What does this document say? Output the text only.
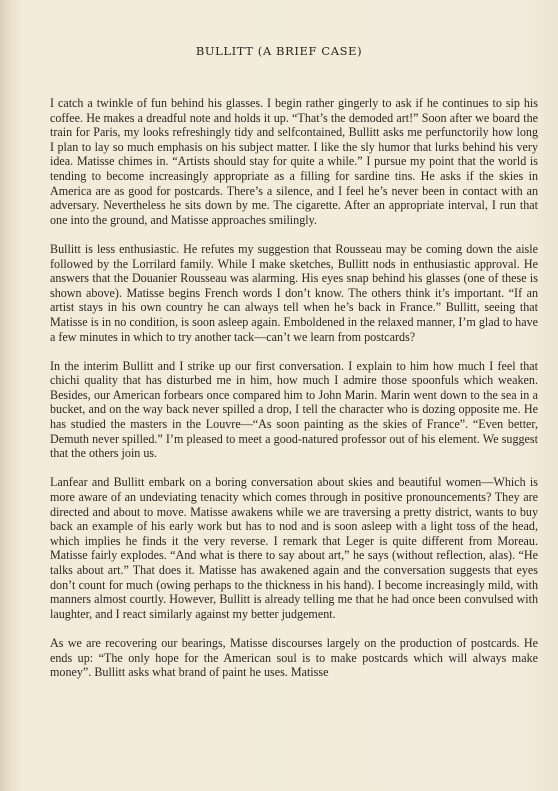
BULLITT (A BRIEF CASE)

I catch a twinkle of fun behind his glasses. I begin rather gingerly to ask if he continues to sip his coffee. He makes a dreadful note and holds it up. “That’s the demoded art!” Soon after we board the train for Paris, my looks refreshingly tidy and selfcontained, Bullitt asks me perfunctorily how long I plan to lay so much emphasis on his subject matter. I like the sly humor that lurks behind his very idea. Matisse chimes in. “Artists should stay for quite a while.” I pursue my point that the world is tending to become increasingly appropriate as a filling for sardine tins. He asks if the skies in America are as good for postcards. There’s a silence, and I feel he’s never been in contact with an adversary. Nevertheless he sits down by me. The cigarette. After an appropriate interval, I run that one into the ground, and Matisse approaches smilingly.

Bullitt is less enthusiastic. He refutes my suggestion that Rousseau may be coming down the aisle followed by the Lorrilard family. While I make sketches, Bullitt nods in enthusiastic approval. He answers that the Douanier Rousseau was alarming. His eyes snap behind his glasses (one of these is shown above). Matisse begins French words I don’t know. The others think it’s important. “If an artist stays in his own country he can always tell when he’s back in France.” Bullitt, seeing that Matisse is in no condition, is soon asleep again. Emboldened in the relaxed manner, I’m glad to have a few minutes in which to try another tack—can’t we learn from postcards?

In the interim Bullitt and I strike up our first conversation. I explain to him how much I feel that chichi quality that has disturbed me in him, how much I admire those spoonfuls which weaken. Besides, our American forbears once compared him to John Marin. Marin went down to the sea in a bucket, and on the way back never spilled a drop, I tell the character who is dozing opposite me. He has studied the masters in the Louvre—“As soon painting as the skies of France”. “Even better, Demuth never spilled.” I’m pleased to meet a good-natured professor out of his element. We suggest that the others join us.

Lanfear and Bullitt embark on a boring conversation about skies and beautiful women—Which is more aware of an undeviating tenacity which comes through in positive pronouncements? They are directed and about to move. Matisse awakens while we are traversing a pretty district, wants to buy back an example of his early work but has to nod and is soon asleep with a light toss of the head, which implies he finds it the very reverse. I remark that Leger is quite different from Moreau. Matisse fairly explodes. “And what is there to say about art,” he says (without reflection, alas). “He talks about art.” That does it. Matisse has awakened again and the conversation suggests that eyes don’t count for much (owing perhaps to the thickness in his hand). I become increasingly mild, with manners almost courtly. However, Bullitt is already telling me that he had once been convulsed with laughter, and I react similarly against my better judgement.

As we are recovering our bearings, Matisse discourses largely on the production of postcards. He ends up: “The only hope for the American soul is to make postcards which will always make money”. Bullitt asks what brand of paint he uses. Matisse
